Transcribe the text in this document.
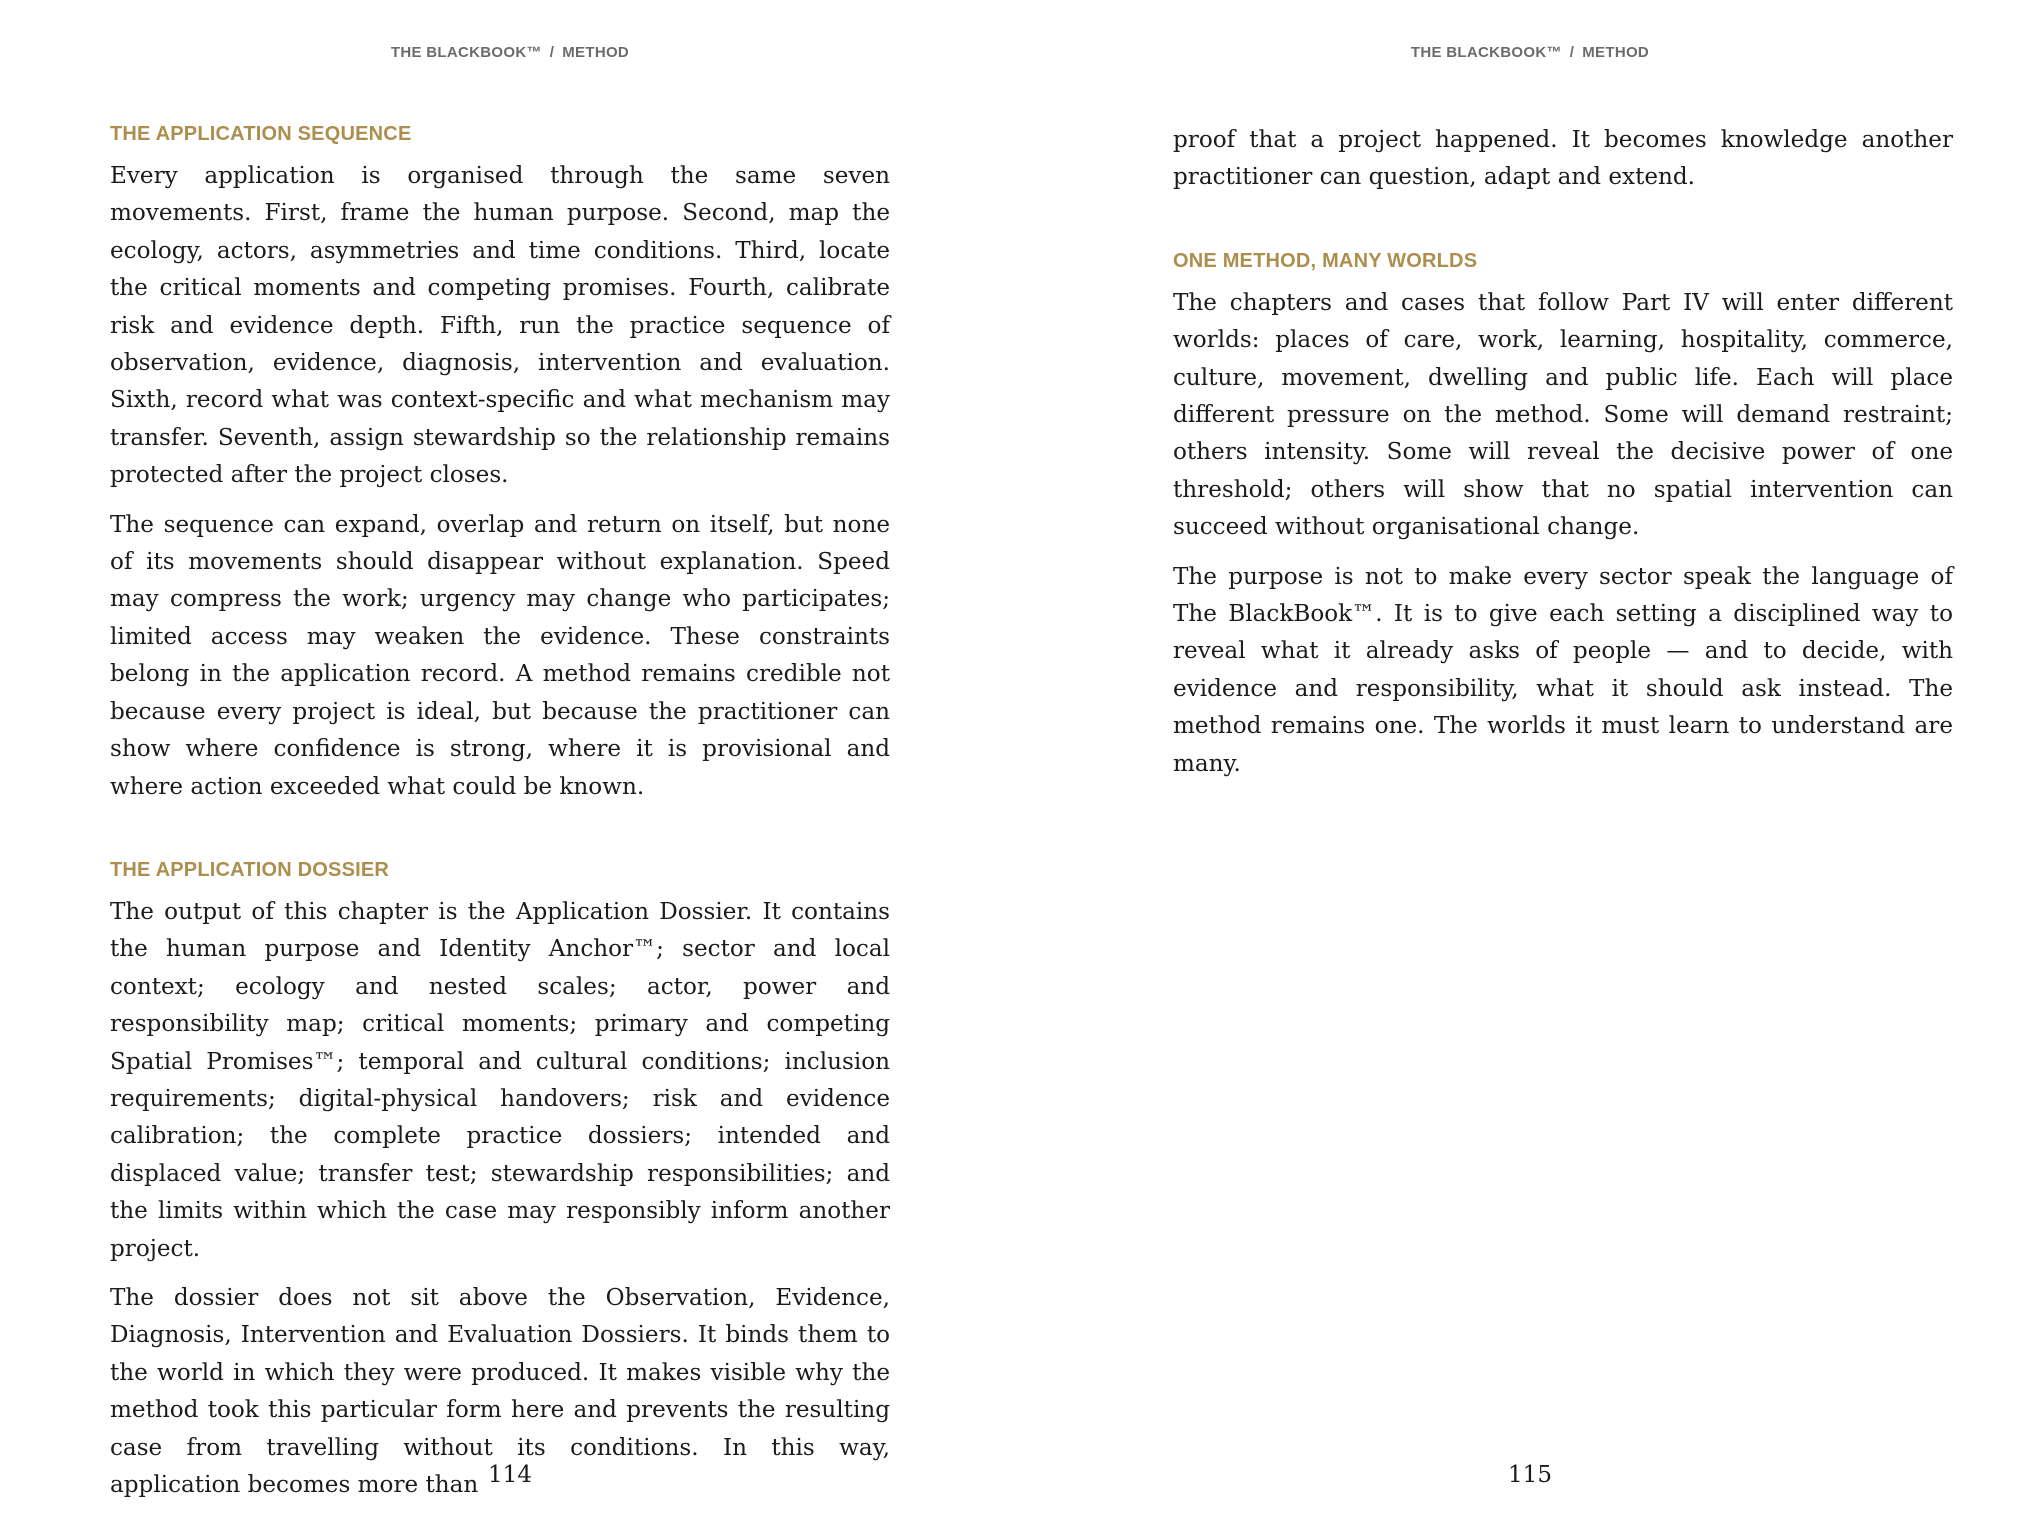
THE BLACKBOOK™ / METHOD
THE APPLICATION SEQUENCE

Every application is organised through the same seven movements. First, frame the human purpose. Second, map the ecology, actors, asymmetries and time conditions. Third, locate the critical moments and competing promises. Fourth, calibrate risk and evidence depth. Fifth, run the practice sequence of observation, evidence, diagnosis, intervention and evaluation. Sixth, record what was context-specific and what mechanism may transfer. Seventh, assign stewardship so the relationship remains protected after the project closes.

The sequence can expand, overlap and return on itself, but none of its movements should disappear without explanation. Speed may compress the work; urgency may change who participates; limited access may weaken the evidence. These constraints belong in the application record. A method remains credible not because every project is ideal, but because the practitioner can show where confidence is strong, where it is provisional and where action exceeded what could be known.

THE APPLICATION DOSSIER

The output of this chapter is the Application Dossier. It contains the human purpose and Identity Anchor™; sector and local context; ecology and nested scales; actor, power and responsibility map; critical moments; primary and competing Spatial Promises™; temporal and cultural conditions; inclusion requirements; digital-physical handovers; risk and evidence calibration; the complete practice dossiers; intended and displaced value; transfer test; stewardship responsibilities; and the limits within which the case may responsibly inform another project.

The dossier does not sit above the Observation, Evidence, Diagnosis, Intervention and Evaluation Dossiers. It binds them to the world in which they were produced. It makes visible why the method took this particular form here and prevents the resulting case from travelling without its conditions. In this way, application becomes more than 114
THE BLACKBOOK™ / METHOD

proof that a project happened. It becomes knowledge another practitioner can question, adapt and extend.

ONE METHOD, MANY WORLDS

The chapters and cases that follow Part IV will enter different worlds: places of care, work, learning, hospitality, commerce, culture, movement, dwelling and public life. Each will place different pressure on the method. Some will demand restraint; others intensity. Some will reveal the decisive power of one threshold; others will show that no spatial intervention can succeed without organisational change.

The purpose is not to make every sector speak the language of The BlackBook™. It is to give each setting a disciplined way to reveal what it already asks of people — and to decide, with evidence and responsibility, what it should ask instead. The method remains one. The worlds it must learn to understand are many.

115
